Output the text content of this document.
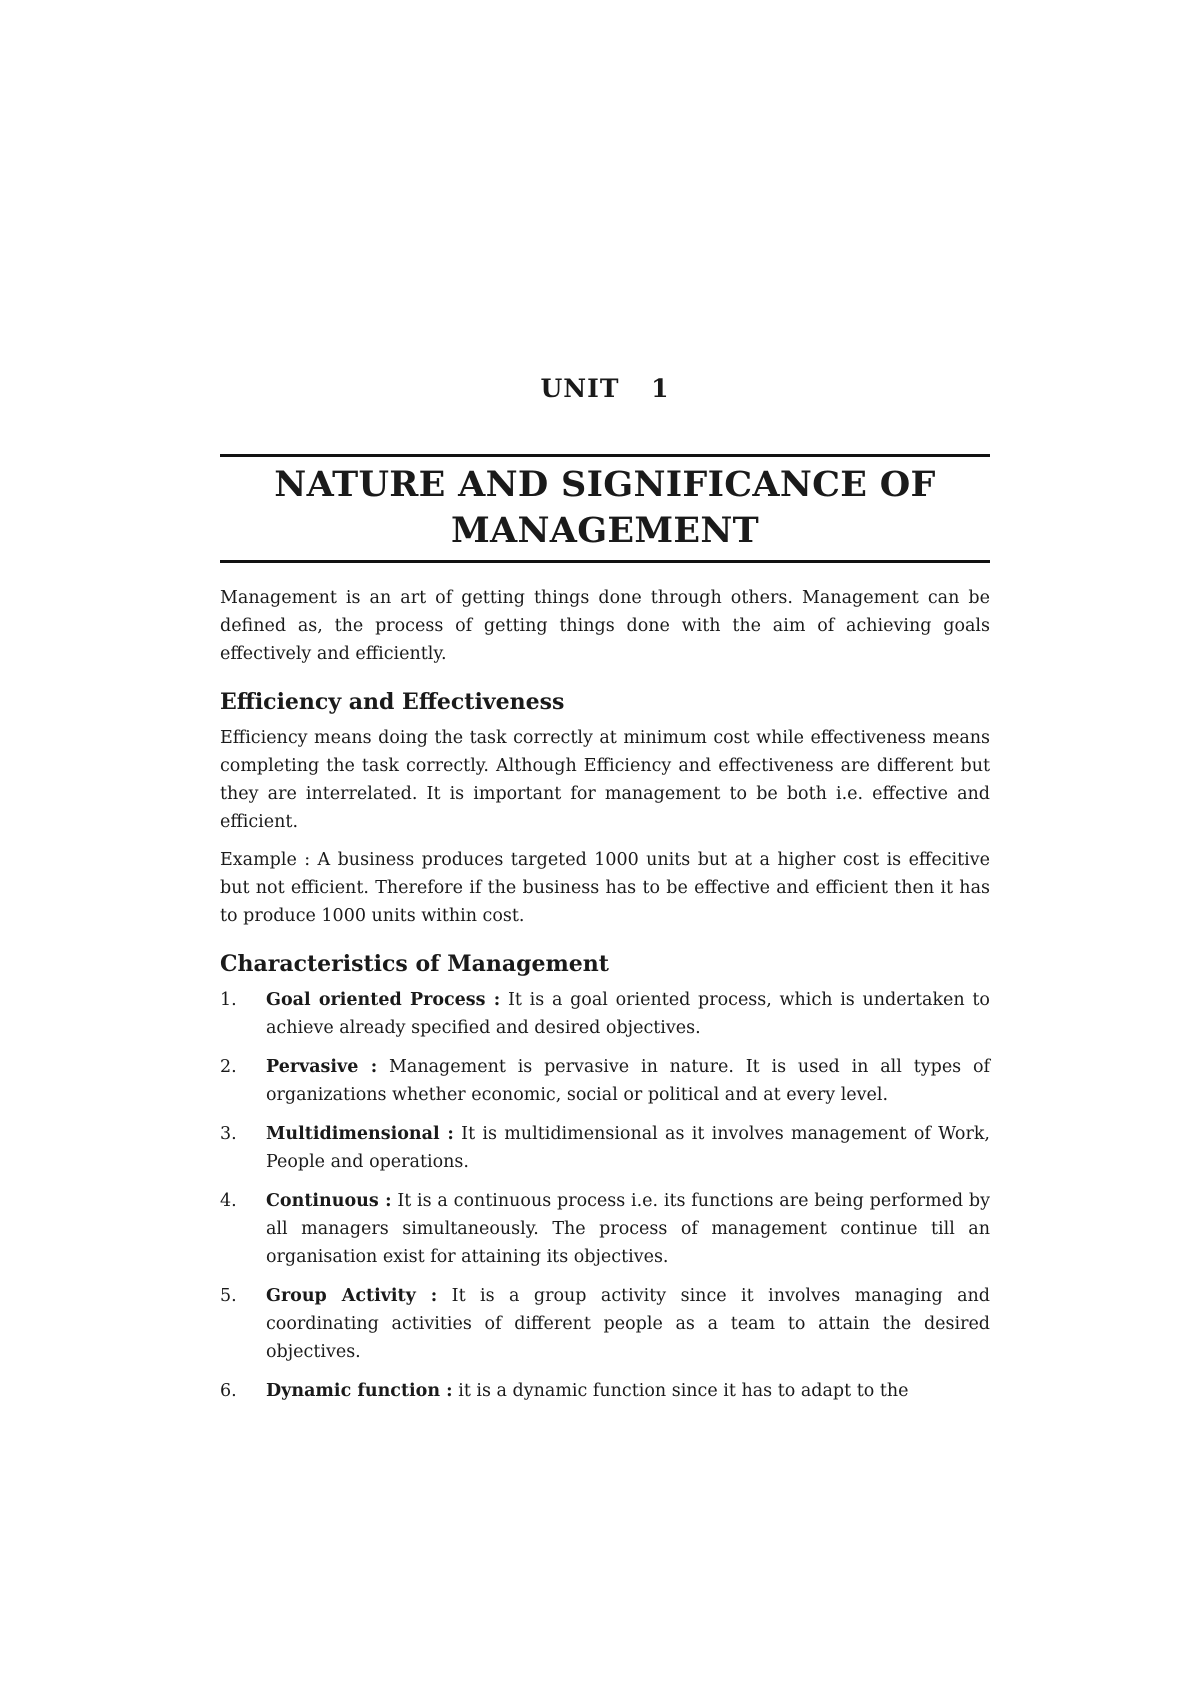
UNIT 1
NATURE AND SIGNIFICANCE OF
MANAGEMENT

Management is an art of getting things done through others. Management can be defined as, the process of getting things done with the aim of achieving goals effectively and efficiently.

Efficiency and Effectiveness

Efficiency means doing the task correctly at minimum cost while effectiveness means completing the task correctly. Although Efficiency and effectiveness are different but they are interrelated. It is important for management to be both i.e. effective and efficient.

Example : A business produces targeted 1000 units but at a higher cost is effecitive but not efficient. Therefore if the business has to be effective and efficient then it has to produce 1000 units within cost.

Characteristics of Management
1. Goal oriented Process : It is a goal oriented process, which is undertaken to achieve already specified and desired objectives.
2. Pervasive : Management is pervasive in nature. It is used in all types of organizations whether economic, social or political and at every level.
3. Multidimensional : It is multidimensional as it involves management of Work, People and operations.
4. Continuous : It is a continuous process i.e. its functions are being performed by all managers simultaneously. The process of management continue till an organisation exist for attaining its objectives.
5. Group Activity : It is a group activity since it involves managing and coordinating activities of different people as a team to attain the desired objectives.
6. Dynamic function : it is a dynamic function since it has to adapt to the
